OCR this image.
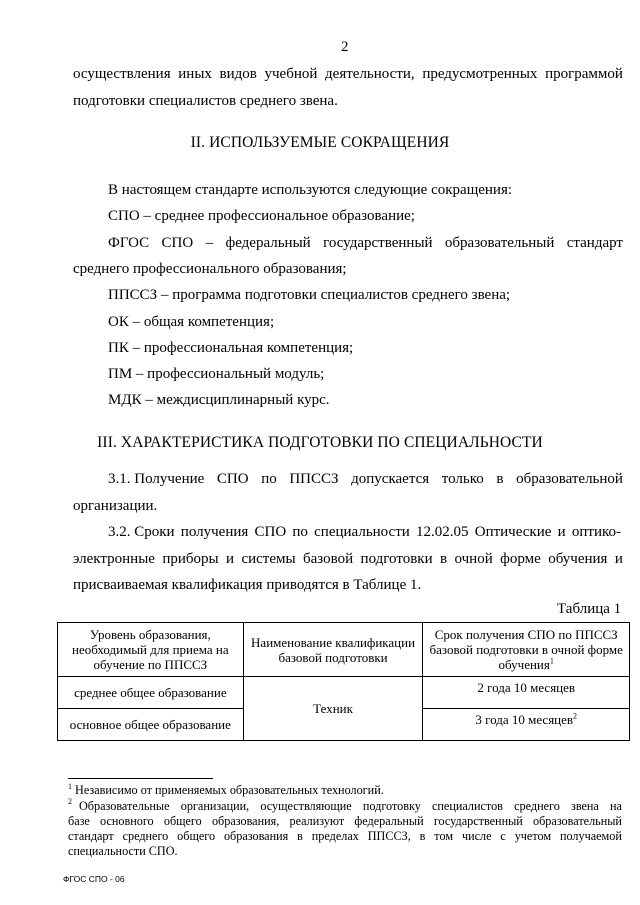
2
осуществления иных видов учебной деятельности, предусмотренных программой
подготовки специалистов среднего звена.
II. ИСПОЛЬЗУЕМЫЕ СОКРАЩЕНИЯ
В настоящем стандарте используются следующие сокращения:
СПО – среднее профессиональное образование;
ФГОС СПО – федеральный государственный образовательный стандарт
среднего профессионального образования;
ППССЗ – программа подготовки специалистов среднего звена;
ОК – общая компетенция;
ПК – профессиональная компетенция;
ПМ – профессиональный модуль;
МДК – междисциплинарный курс.
III. ХАРАКТЕРИСТИКА ПОДГОТОВКИ ПО СПЕЦИАЛЬНОСТИ
3.1. Получение СПО по ППССЗ допускается только в образовательной
организации.
3.2. Сроки получения СПО по специальности 12.02.05 Оптические и оптико-
электронные приборы и системы базовой подготовки в очной форме обучения и
присваиваемая квалификация приводятся в Таблице 1.
Таблица 1
Уровень образования, необходимый для приема на обучение по ППССЗ	Наименование квалификации базовой подготовки	Срок получения СПО по ППССЗ базовой подготовки в очной форме обучения$^1$
среднее общее образование	Техник	2 года 10 месяцев
основное общее образование		3 года 10 месяцев$^2$
$^1$ Независимо от применяемых образовательных технологий.
$^2$ Образовательные организации, осуществляющие подготовку специалистов среднего звена на
базе основного общего образования, реализуют федеральный государственный образовательный
стандарт среднего общего образования в пределах ППССЗ, в том числе с учетом получаемой
специальности СПО.
ФГОС СПО - 06
